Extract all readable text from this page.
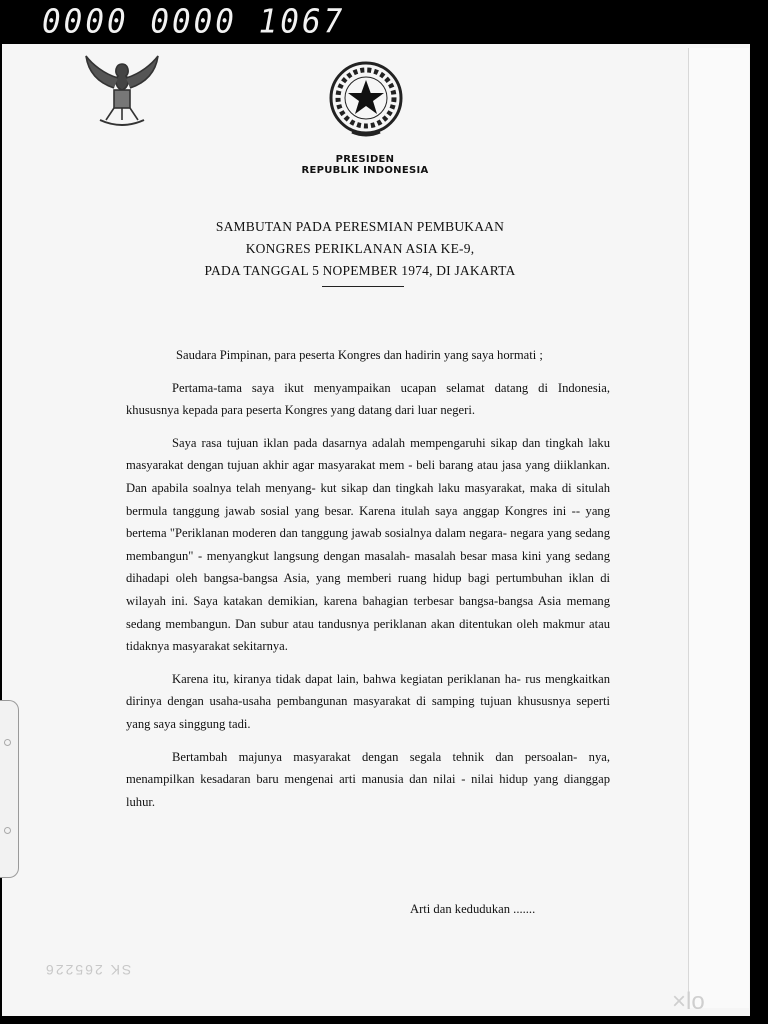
0000 0000 1067
PRESIDEN
REPUBLIK INDONESIA
SAMBUTAN PADA PERESMIAN PEMBUKAAN
KONGRES PERIKLANAN ASIA KE-9,
PADA TANGGAL 5 NOPEMBER 1974, DI JAKARTA

Saudara Pimpinan, para peserta Kongres dan hadirin yang saya hormati ;

Pertama-tama saya ikut menyampaikan ucapan selamat datang di Indonesia, khususnya kepada para peserta Kongres yang datang dari luar negeri.

Saya rasa tujuan iklan pada dasarnya adalah mempengaruhi sikap dan tingkah laku masyarakat dengan tujuan akhir agar masyarakat mem - beli barang atau jasa yang diiklankan. Dan apabila soalnya telah menyang- kut sikap dan tingkah laku masyarakat, maka di situlah bermula tanggung jawab sosial yang besar. Karena itulah saya anggap Kongres ini -- yang bertema "Periklanan moderen dan tanggung jawab sosialnya dalam negara- negara yang sedang membangun" - menyangkut langsung dengan masalah- masalah besar masa kini yang sedang dihadapi oleh bangsa-bangsa Asia, yang memberi ruang hidup bagi pertumbuhan iklan di wilayah ini. Saya katakan demikian, karena bahagian terbesar bangsa-bangsa Asia memang sedang membangun. Dan subur atau tandusnya periklanan akan ditentukan oleh makmur atau tidaknya masyarakat sekitarnya.

Karena itu, kiranya tidak dapat lain, bahwa kegiatan periklanan ha- rus mengkaitkan dirinya dengan usaha-usaha pembangunan masyarakat di samping tujuan khususnya seperti yang saya singgung tadi.

Bertambah majunya masyarakat dengan segala tehnik dan persoalan- nya, menampilkan kesadaran baru mengenai arti manusia dan nilai - nilai hidup yang dianggap luhur.

Arti dan kedudukan .......
SK 265226
×lo
